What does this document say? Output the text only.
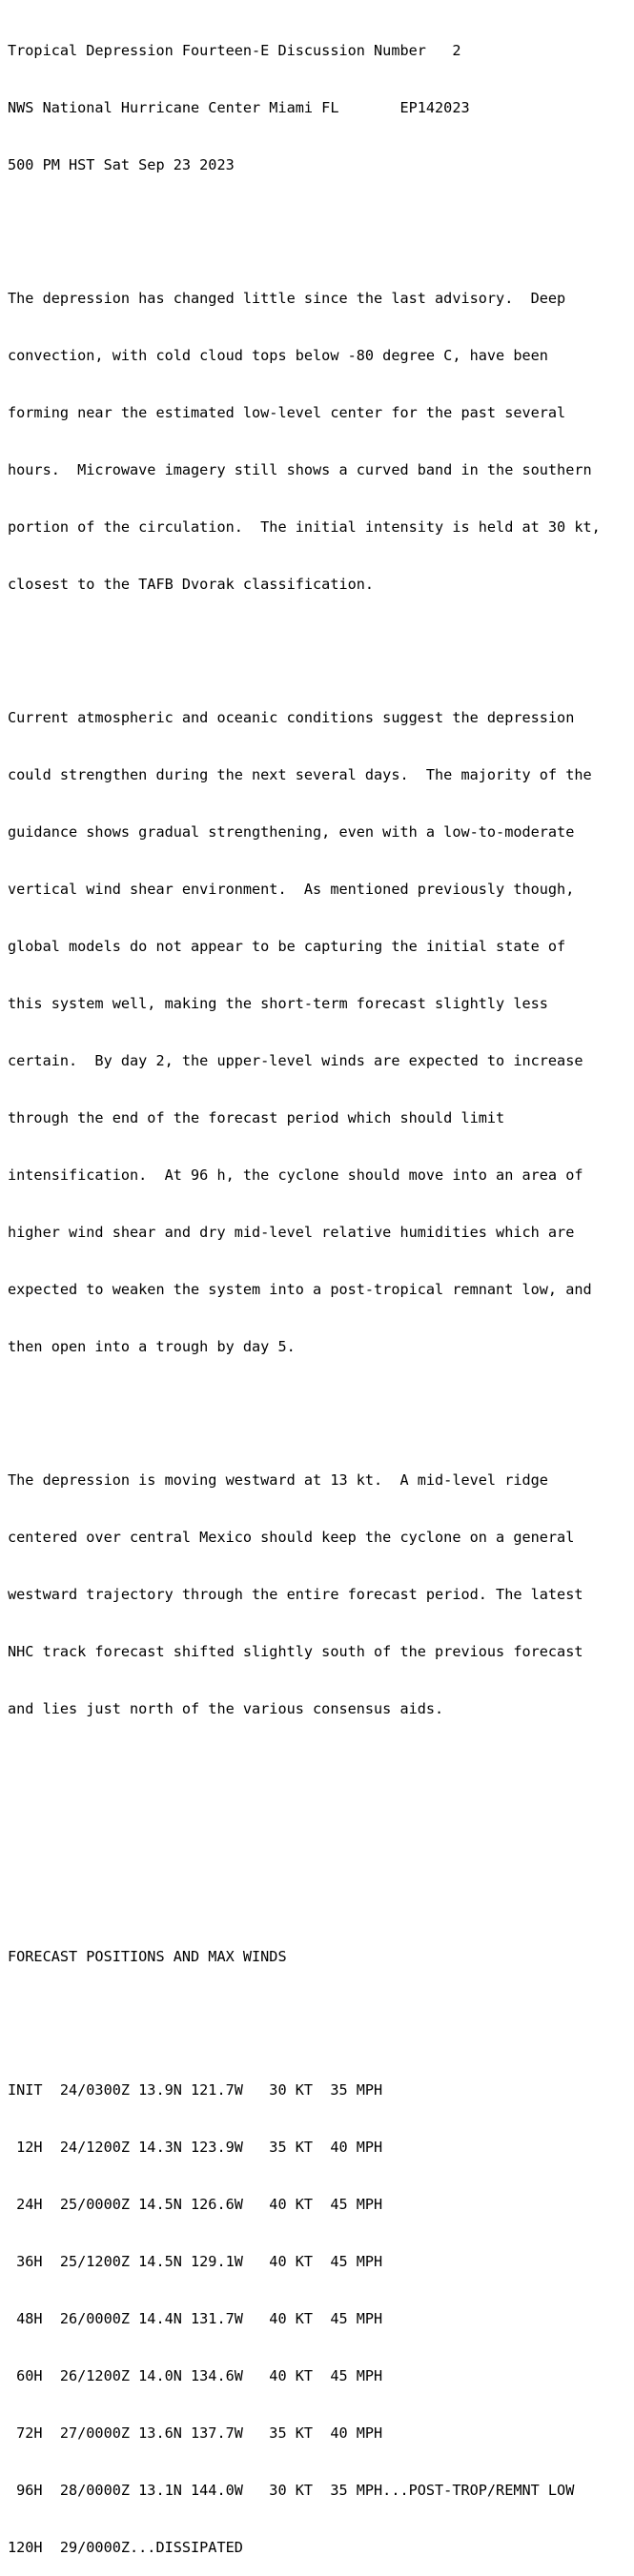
Tropical Depression Fourteen-E Discussion Number   2

NWS National Hurricane Center Miami FL       EP142023

500 PM HST Sat Sep 23 2023

The depression has changed little since the last advisory.  Deep

convection, with cold cloud tops below -80 degree C, have been

forming near the estimated low-level center for the past several

hours.  Microwave imagery still shows a curved band in the southern

portion of the circulation.  The initial intensity is held at 30 kt,

closest to the TAFB Dvorak classification.

Current atmospheric and oceanic conditions suggest the depression

could strengthen during the next several days.  The majority of the

guidance shows gradual strengthening, even with a low-to-moderate

vertical wind shear environment.  As mentioned previously though,

global models do not appear to be capturing the initial state of

this system well, making the short-term forecast slightly less

certain.  By day 2, the upper-level winds are expected to increase

through the end of the forecast period which should limit

intensification.  At 96 h, the cyclone should move into an area of

higher wind shear and dry mid-level relative humidities which are

expected to weaken the system into a post-tropical remnant low, and

then open into a trough by day 5.

The depression is moving westward at 13 kt.  A mid-level ridge

centered over central Mexico should keep the cyclone on a general

westward trajectory through the entire forecast period. The latest

NHC track forecast shifted slightly south of the previous forecast

and lies just north of the various consensus aids.

FORECAST POSITIONS AND MAX WINDS

INIT  24/0300Z 13.9N 121.7W   30 KT  35 MPH

12H  24/1200Z 14.3N 123.9W   35 KT  40 MPH

24H  25/0000Z 14.5N 126.6W   40 KT  45 MPH

36H  25/1200Z 14.5N 129.1W   40 KT  45 MPH

48H  26/0000Z 14.4N 131.7W   40 KT  45 MPH

60H  26/1200Z 14.0N 134.6W   40 KT  45 MPH

72H  27/0000Z 13.6N 137.7W   35 KT  40 MPH

96H  28/0000Z 13.1N 144.0W   30 KT  35 MPH...POST-TROP/REMNT LOW

120H  29/0000Z...DISSIPATED
